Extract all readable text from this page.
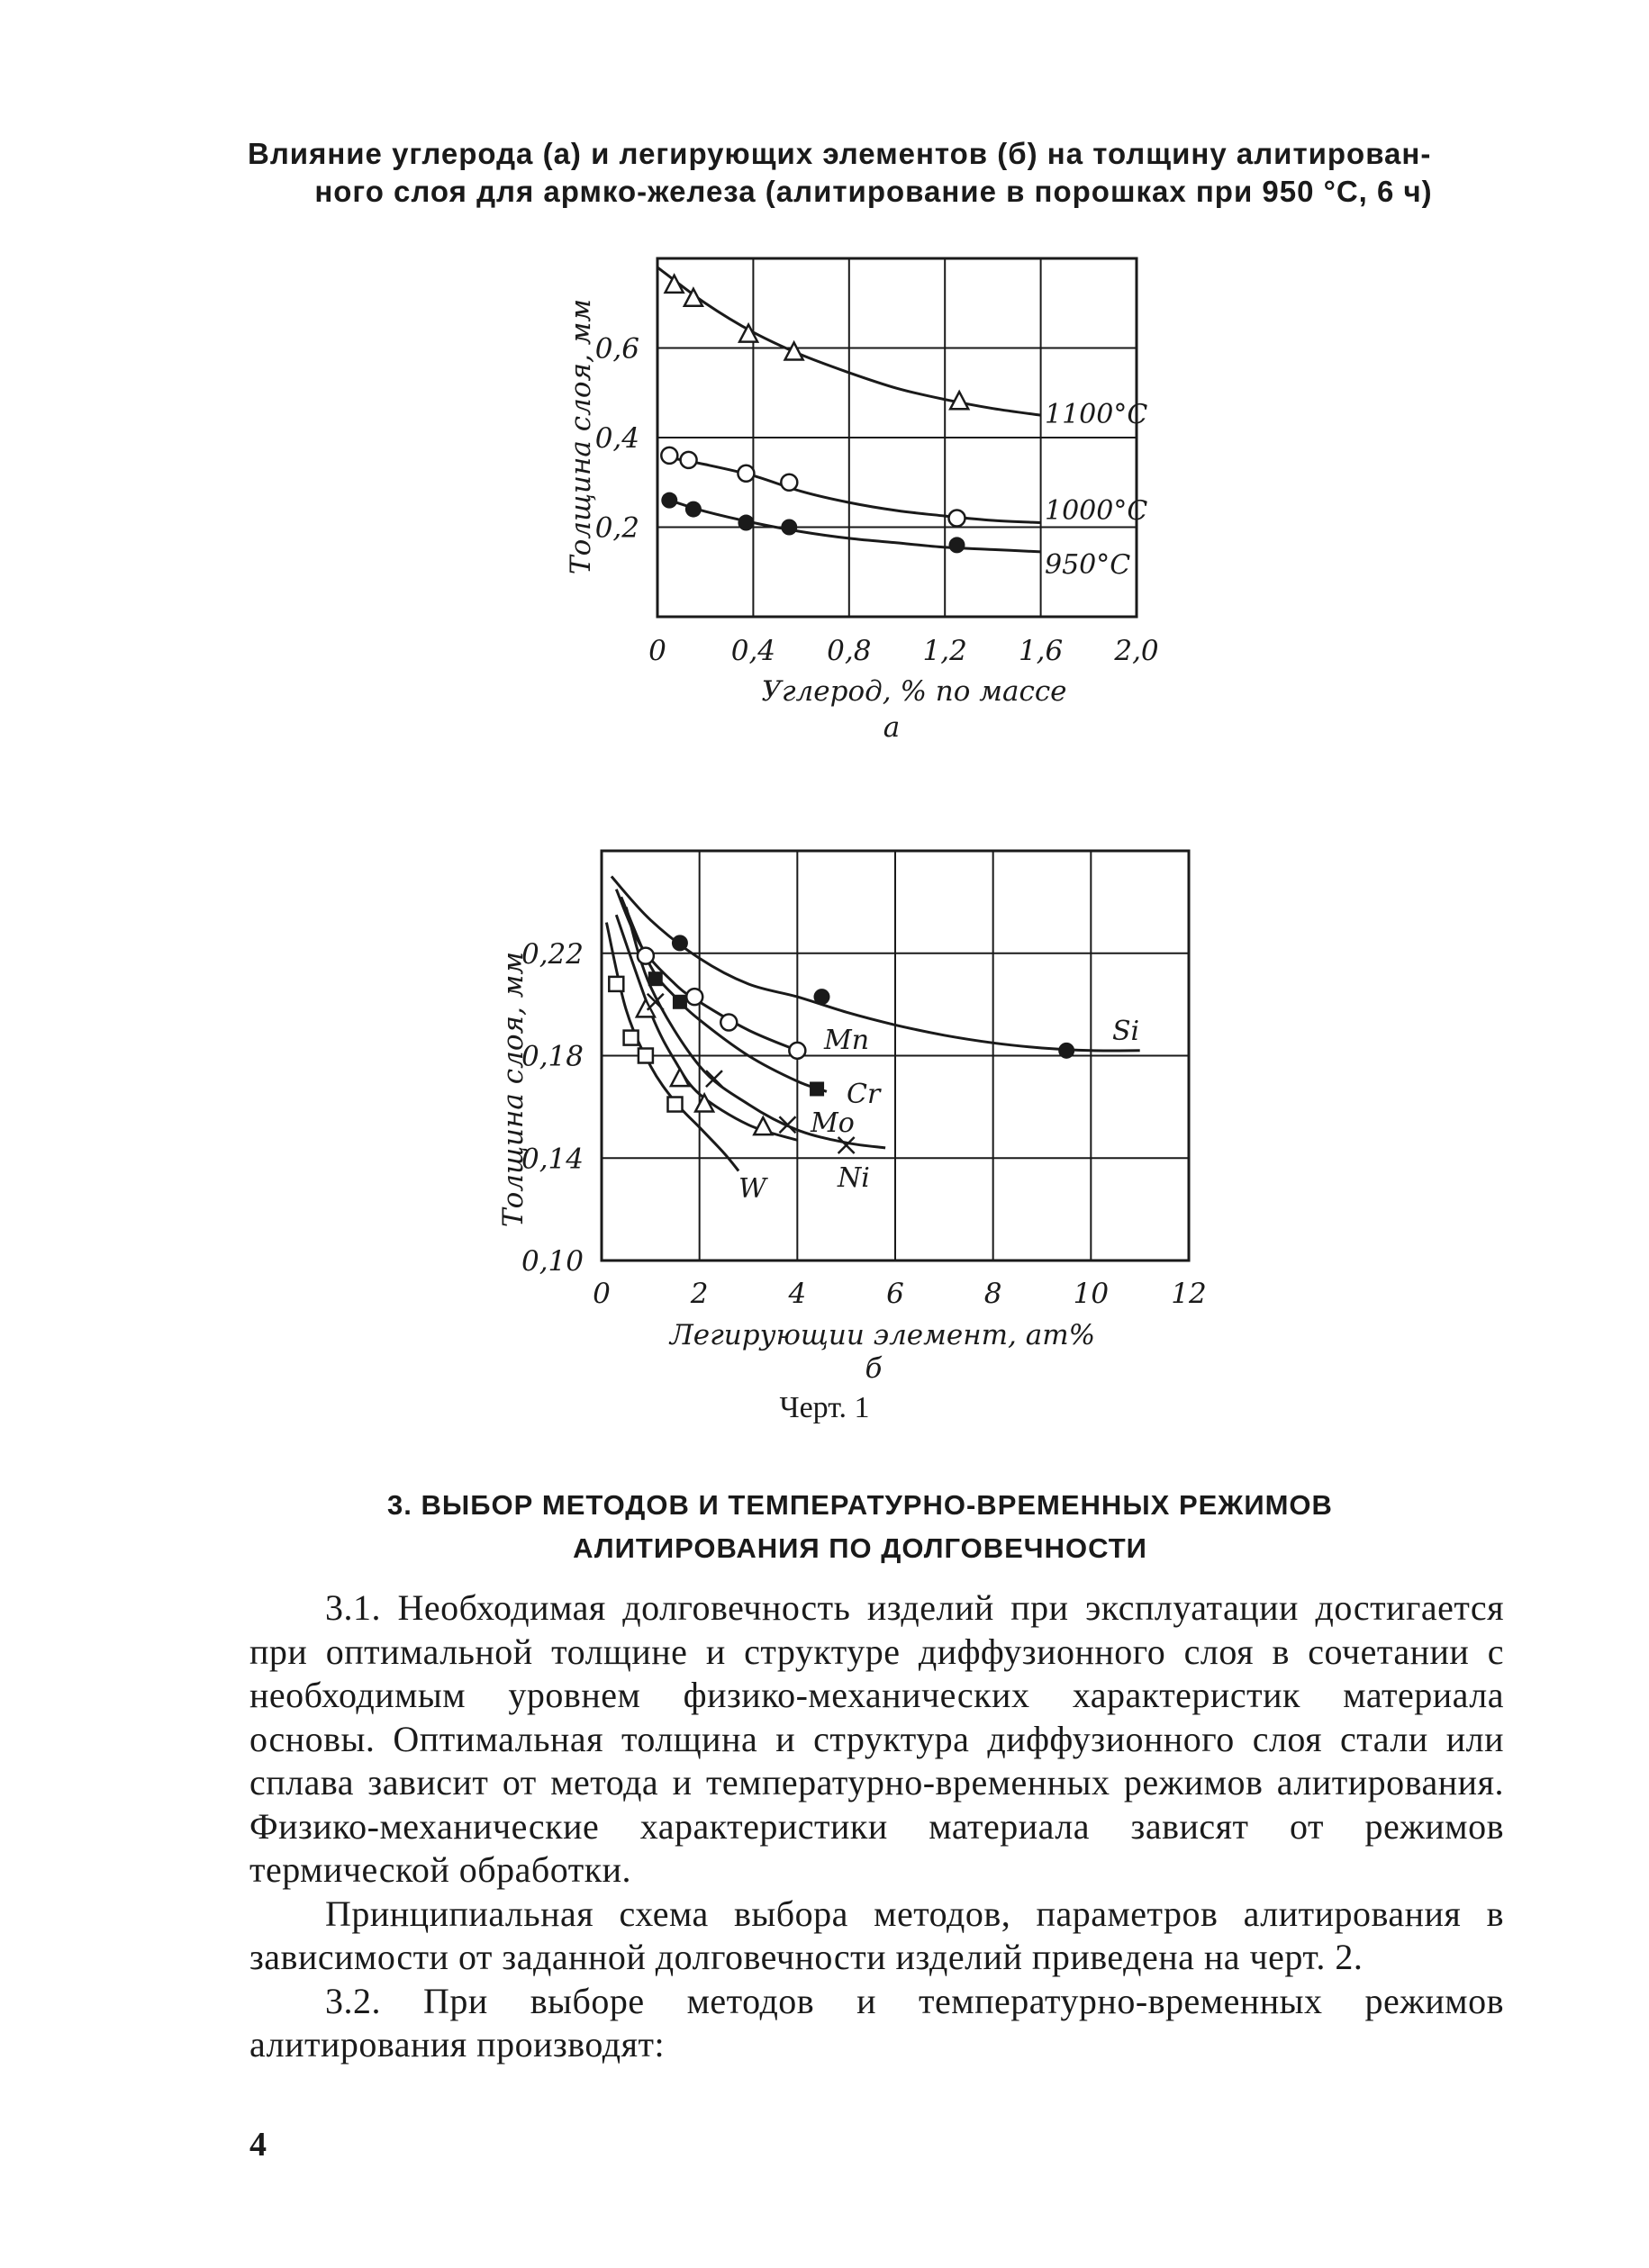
Влияние углерода (а) и легирующих элементов (б) на толщину алитирован-
ного слоя для армко-железа (алитирование в порошках при 950 °С, 6 ч)
0 0,4 0,8 1,2 1,6 2,0
0,2
0,4
0,6
1100°С
1000°С
950°С
Углерод, % по массе
а
Толщина слоя, мм
0	2	4	6	8	10 12
0,10
0,14
0,18
0,22
Si
Mn
Cr
Mo
Ni
W
Легирующии элемент, ат%
б
Толщина слоя, мм
Черт. 1
3. ВЫБОР МЕТОДОВ И ТЕМПЕРАТУРНО-ВРЕМЕННЫХ РЕЖИМОВ
АЛИТИРОВАНИЯ ПО ДОЛГОВЕЧНОСТИ

3.1. Необходимая долговечность изделий при эксплуатации достигается при оптимальной толщине и структуре диффузионного слоя в сочетании с необходимым уровнем физико-механических характеристик материала основы. Оптимальная толщина и структура диффузионного слоя стали или сплава зависит от метода и температурно-временных режимов алитирования. Физико-механические характеристики материала зависят от режимов термической обработки.

Принципиальная схема выбора методов, параметров алитирования в зависимости от заданной долговечности изделий приведена на черт. 2.

3.2. При выборе методов и температурно-временных режимов алитирования производят:

4
